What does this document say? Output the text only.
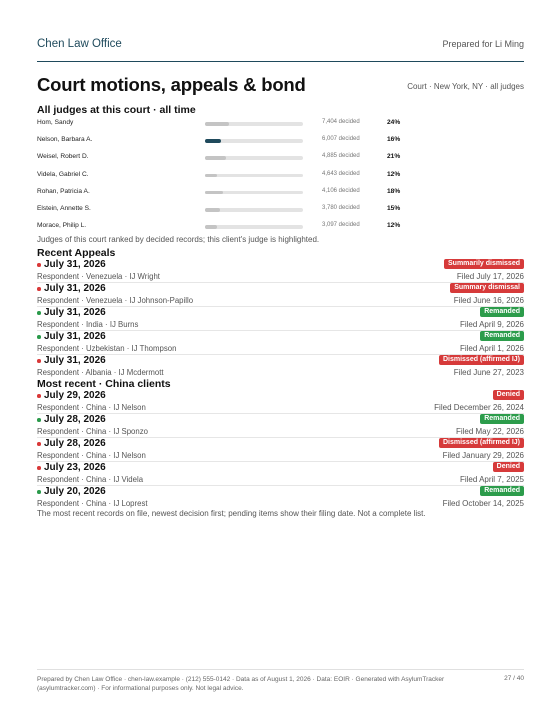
Chen Law Office	Prepared for Li Ming
Court motions, appeals & bond	Court · New York, NY · all judges
All judges at this court · all time
Hom, Sandy	7,404 decided	24%
Nelson, Barbara A.	6,007 decided	16%
Weisel, Robert D.	4,885 decided	21%
Videla, Gabriel C.	4,643 decided	12%
Rohan, Patricia A.	4,106 decided	18%
Elstein, Annette S.	3,780 decided	15%
Morace, Philip L.	3,097 decided	12%
Judges of this court ranked by decided records; this client's judge is highlighted.
Recent Appeals
July 31, 2026
Respondent · Venezuela · IJ Wright
Summarily dismissed
Filed July 17, 2026
July 31, 2026
Respondent · Venezuela · IJ Johnson-Papillo
Summary dismissal
Filed June 16, 2026
July 31, 2026
Respondent · India · IJ Burns
Remanded
Filed April 9, 2026
July 31, 2026
Respondent · Uzbekistan · IJ Thompson
Remanded
Filed April 1, 2026
July 31, 2026
Respondent · Albania · IJ Mcdermott
Dismissed (affirmed IJ)
Filed June 27, 2023
Most recent · China clients
July 29, 2026
Respondent · China · IJ Nelson
Denied
Filed December 26, 2024
July 28, 2026
Respondent · China · IJ Sponzo
Remanded
Filed May 22, 2026
July 28, 2026
Respondent · China · IJ Nelson
Dismissed (affirmed IJ)
Filed January 29, 2026
July 23, 2026
Respondent · China · IJ Videla
Denied
Filed April 7, 2025
July 20, 2026
Respondent · China · IJ Loprest
Remanded
Filed October 14, 2025
The most recent records on file, newest decision first; pending items show their filing date. Not a complete list.
Prepared by Chen Law Office · chen-law.example · (212) 555-0142 · Data as of August 1, 2026 · Data: EOIR · Generated with AsylumTracker (asylumtracker.com) · For informational purposes only. Not legal advice.
27 / 40
